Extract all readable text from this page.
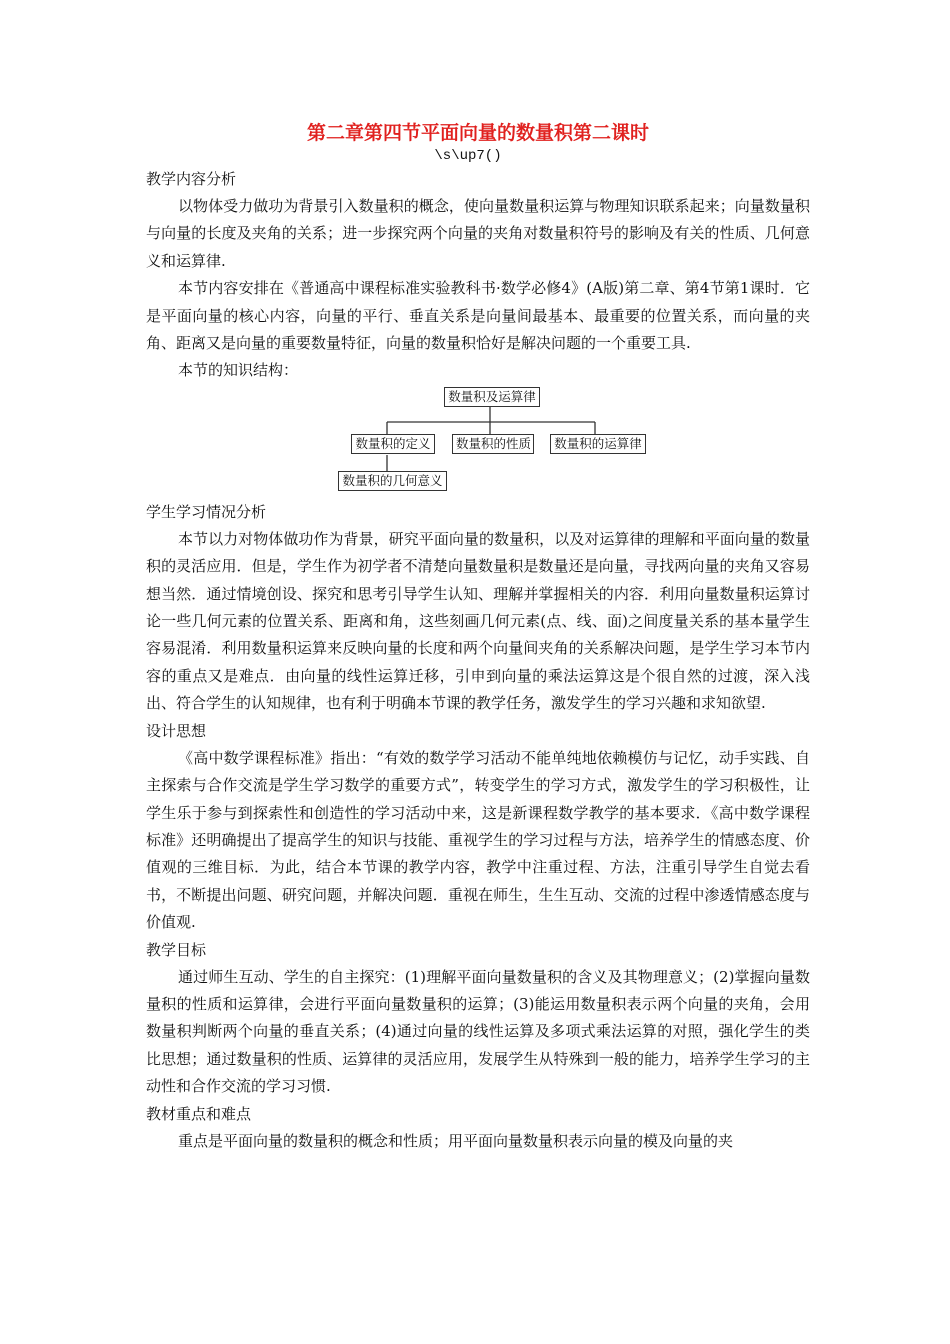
第二章第四节平面向量的数量积第二课时
\s\up7()

教学内容分析

以物体受力做功为背景引入数量积的概念，使向量数量积运算与物理知识联系起来；向量数量积与向量的长度及夹角的关系；进一步探究两个向量的夹角对数量积符号的影响及有关的性质、几何意义和运算律.

本节内容安排在《普通高中课程标准实验教科书·数学必修4》(A版)第二章、第4节第1课时．它是平面向量的核心内容，向量的平行、垂直关系是向量间最基本、最重要的位置关系，而向量的夹角、距离又是向量的重要数量特征，向量的数量积恰好是解决问题的一个重要工具.

本节的知识结构：

数量积及运算律
数量积的定义	数量积的性质	数量积的运算律
数量积的几何意义

学生学习情况分析

本节以力对物体做功作为背景，研究平面向量的数量积，以及对运算律的理解和平面向量的数量积的灵活应用．但是，学生作为初学者不清楚向量数量积是数量还是向量，寻找两向量的夹角又容易想当然．通过情境创设、探究和思考引导学生认知、理解并掌握相关的内容．利用向量数量积运算讨论一些几何元素的位置关系、距离和角，这些刻画几何元素(点、线、面)之间度量关系的基本量学生容易混淆．利用数量积运算来反映向量的长度和两个向量间夹角的关系解决问题，是学生学习本节内容的重点又是难点．由向量的线性运算迁移，引申到向量的乘法运算这是个很自然的过渡，深入浅出、符合学生的认知规律，也有利于明确本节课的教学任务，激发学生的学习兴趣和求知欲望.

设计思想

《高中数学课程标准》指出：“有效的数学学习活动不能单纯地依赖模仿与记忆，动手实践、自主探索与合作交流是学生学习数学的重要方式”，转变学生的学习方式，激发学生的学习积极性，让学生乐于参与到探索性和创造性的学习活动中来，这是新课程数学教学的基本要求．《高中数学课程标准》还明确提出了提高学生的知识与技能、重视学生的学习过程与方法，培养学生的情感态度、价值观的三维目标．为此，结合本节课的教学内容，教学中注重过程、方法，注重引导学生自觉去看书，不断提出问题、研究问题，并解决问题．重视在师生，生生互动、交流的过程中渗透情感态度与价值观.

教学目标

通过师生互动、学生的自主探究：(1)理解平面向量数量积的含义及其物理意义；(2)掌握向量数量积的性质和运算律，会进行平面向量数量积的运算；(3)能运用数量积表示两个向量的夹角，会用数量积判断两个向量的垂直关系；(4)通过向量的线性运算及多项式乘法运算的对照，强化学生的类比思想；通过数量积的性质、运算律的灵活应用，发展学生从特殊到一般的能力，培养学生学习的主动性和合作交流的学习习惯.

教材重点和难点

重点是平面向量的数量积的概念和性质；用平面向量数量积表示向量的模及向量的夹
